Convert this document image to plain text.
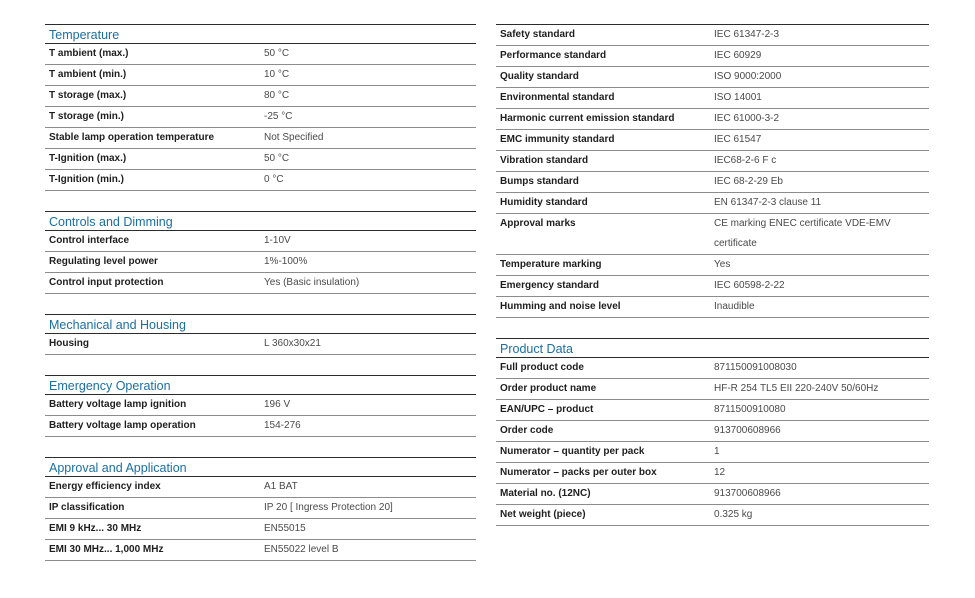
Temperature
T ambient (max.)	50 °C
T ambient (min.)	10 °C
T storage (max.)	80 °C
T storage (min.)	-25 °C
Stable lamp operation temperature	Not Specified
T-Ignition (max.)	50 °C
T-Ignition (min.)	0 °C
Controls and Dimming
Control interface	1-10V
Regulating level power	1%-100%
Control input protection	Yes (Basic insulation)
Mechanical and Housing
Housing	L 360x30x21
Emergency Operation
Battery voltage lamp ignition	196 V
Battery voltage lamp operation	154-276
Approval and Application
Energy efficiency index	A1 BAT
IP classification	IP 20 [ Ingress Protection 20]
EMI 9 kHz... 30 MHz	EN55015
EMI 30 MHz... 1,000 MHz	EN55022 level B
Safety standard	IEC 61347-2-3
Performance standard	IEC 60929
Quality standard	ISO 9000:2000
Environmental standard	ISO 14001
Harmonic current emission standard	IEC 61000-3-2
EMC immunity standard	IEC 61547
Vibration standard	IEC68-2-6 F c
Bumps standard	IEC 68-2-29 Eb
Humidity standard	EN 61347-2-3 clause 11
Approval marks	CE marking ENEC certificate VDE-EMV certificate
Temperature marking	Yes
Emergency standard	IEC 60598-2-22
Humming and noise level	Inaudible
Product Data
Full product code	871150091008030
Order product name	HF-R 254 TL5 EII 220-240V 50/60Hz
EAN/UPC – product	8711500910080
Order code	913700608966
Numerator – quantity per pack	1
Numerator – packs per outer box	12
Material no. (12NC)	913700608966
Net weight (piece)	0.325 kg
